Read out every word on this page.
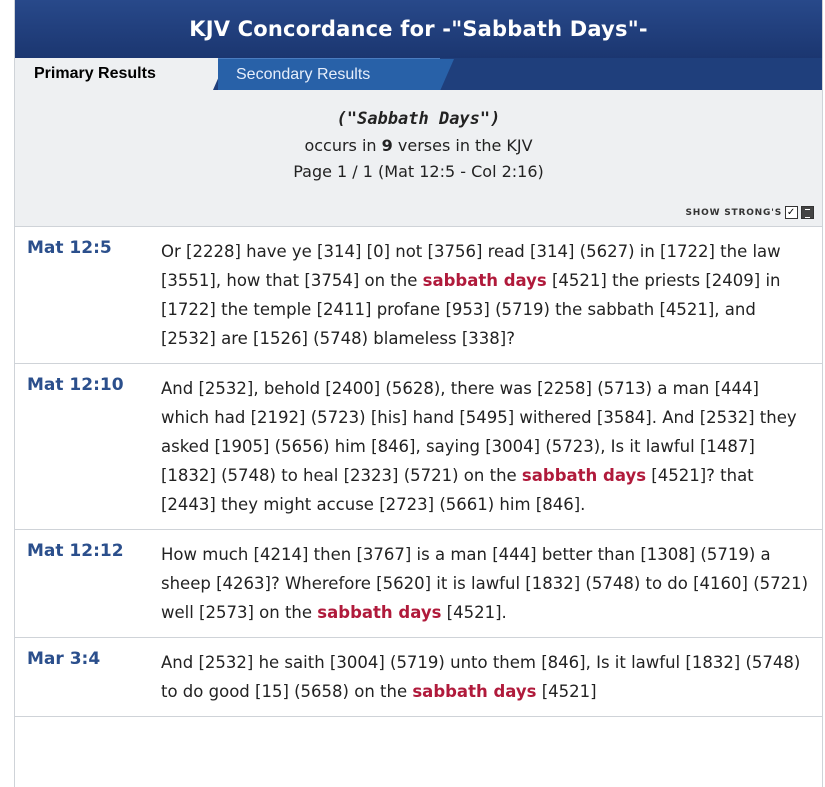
KJV Concordance for -"Sabbath Days"-
Primary Results	Secondary Results
("Sabbath Days")
occurs in 9 verses in the KJV
Page 1 / 1 (Mat 12:5 - Col 2:16)
SHOW STRONG'S ✓
Mat 12:5	Or [2228] have ye [314] [0] not [3756] read [314] (5627) in [1722] the law [3551], how that [3754] on the sabbath days [4521] the priests [2409] in [1722] the temple [2411] profane [953] (5719) the sabbath [4521], and [2532] are [1526] (5748) blameless [338]?
Mat 12:10	And [2532], behold [2400] (5628), there was [2258] (5713) a man [444] which had [2192] (5723) [his] hand [5495] withered [3584]. And [2532] they asked [1905] (5656) him [846], saying [3004] (5723), Is it lawful [1487] [1832] (5748) to heal [2323] (5721) on the sabbath days [4521]? that [2443] they might accuse [2723] (5661) him [846].
Mat 12:12	How much [4214] then [3767] is a man [444] better than [1308] (5719) a sheep [4263]? Wherefore [5620] it is lawful [1832] (5748) to do [4160] (5721) well [2573] on the sabbath days [4521].
Mar 3:4	And [2532] he saith [3004] (5719) unto them [846], Is it lawful [1832] (5748) to do good [15] (5658) on the sabbath days [4521]
